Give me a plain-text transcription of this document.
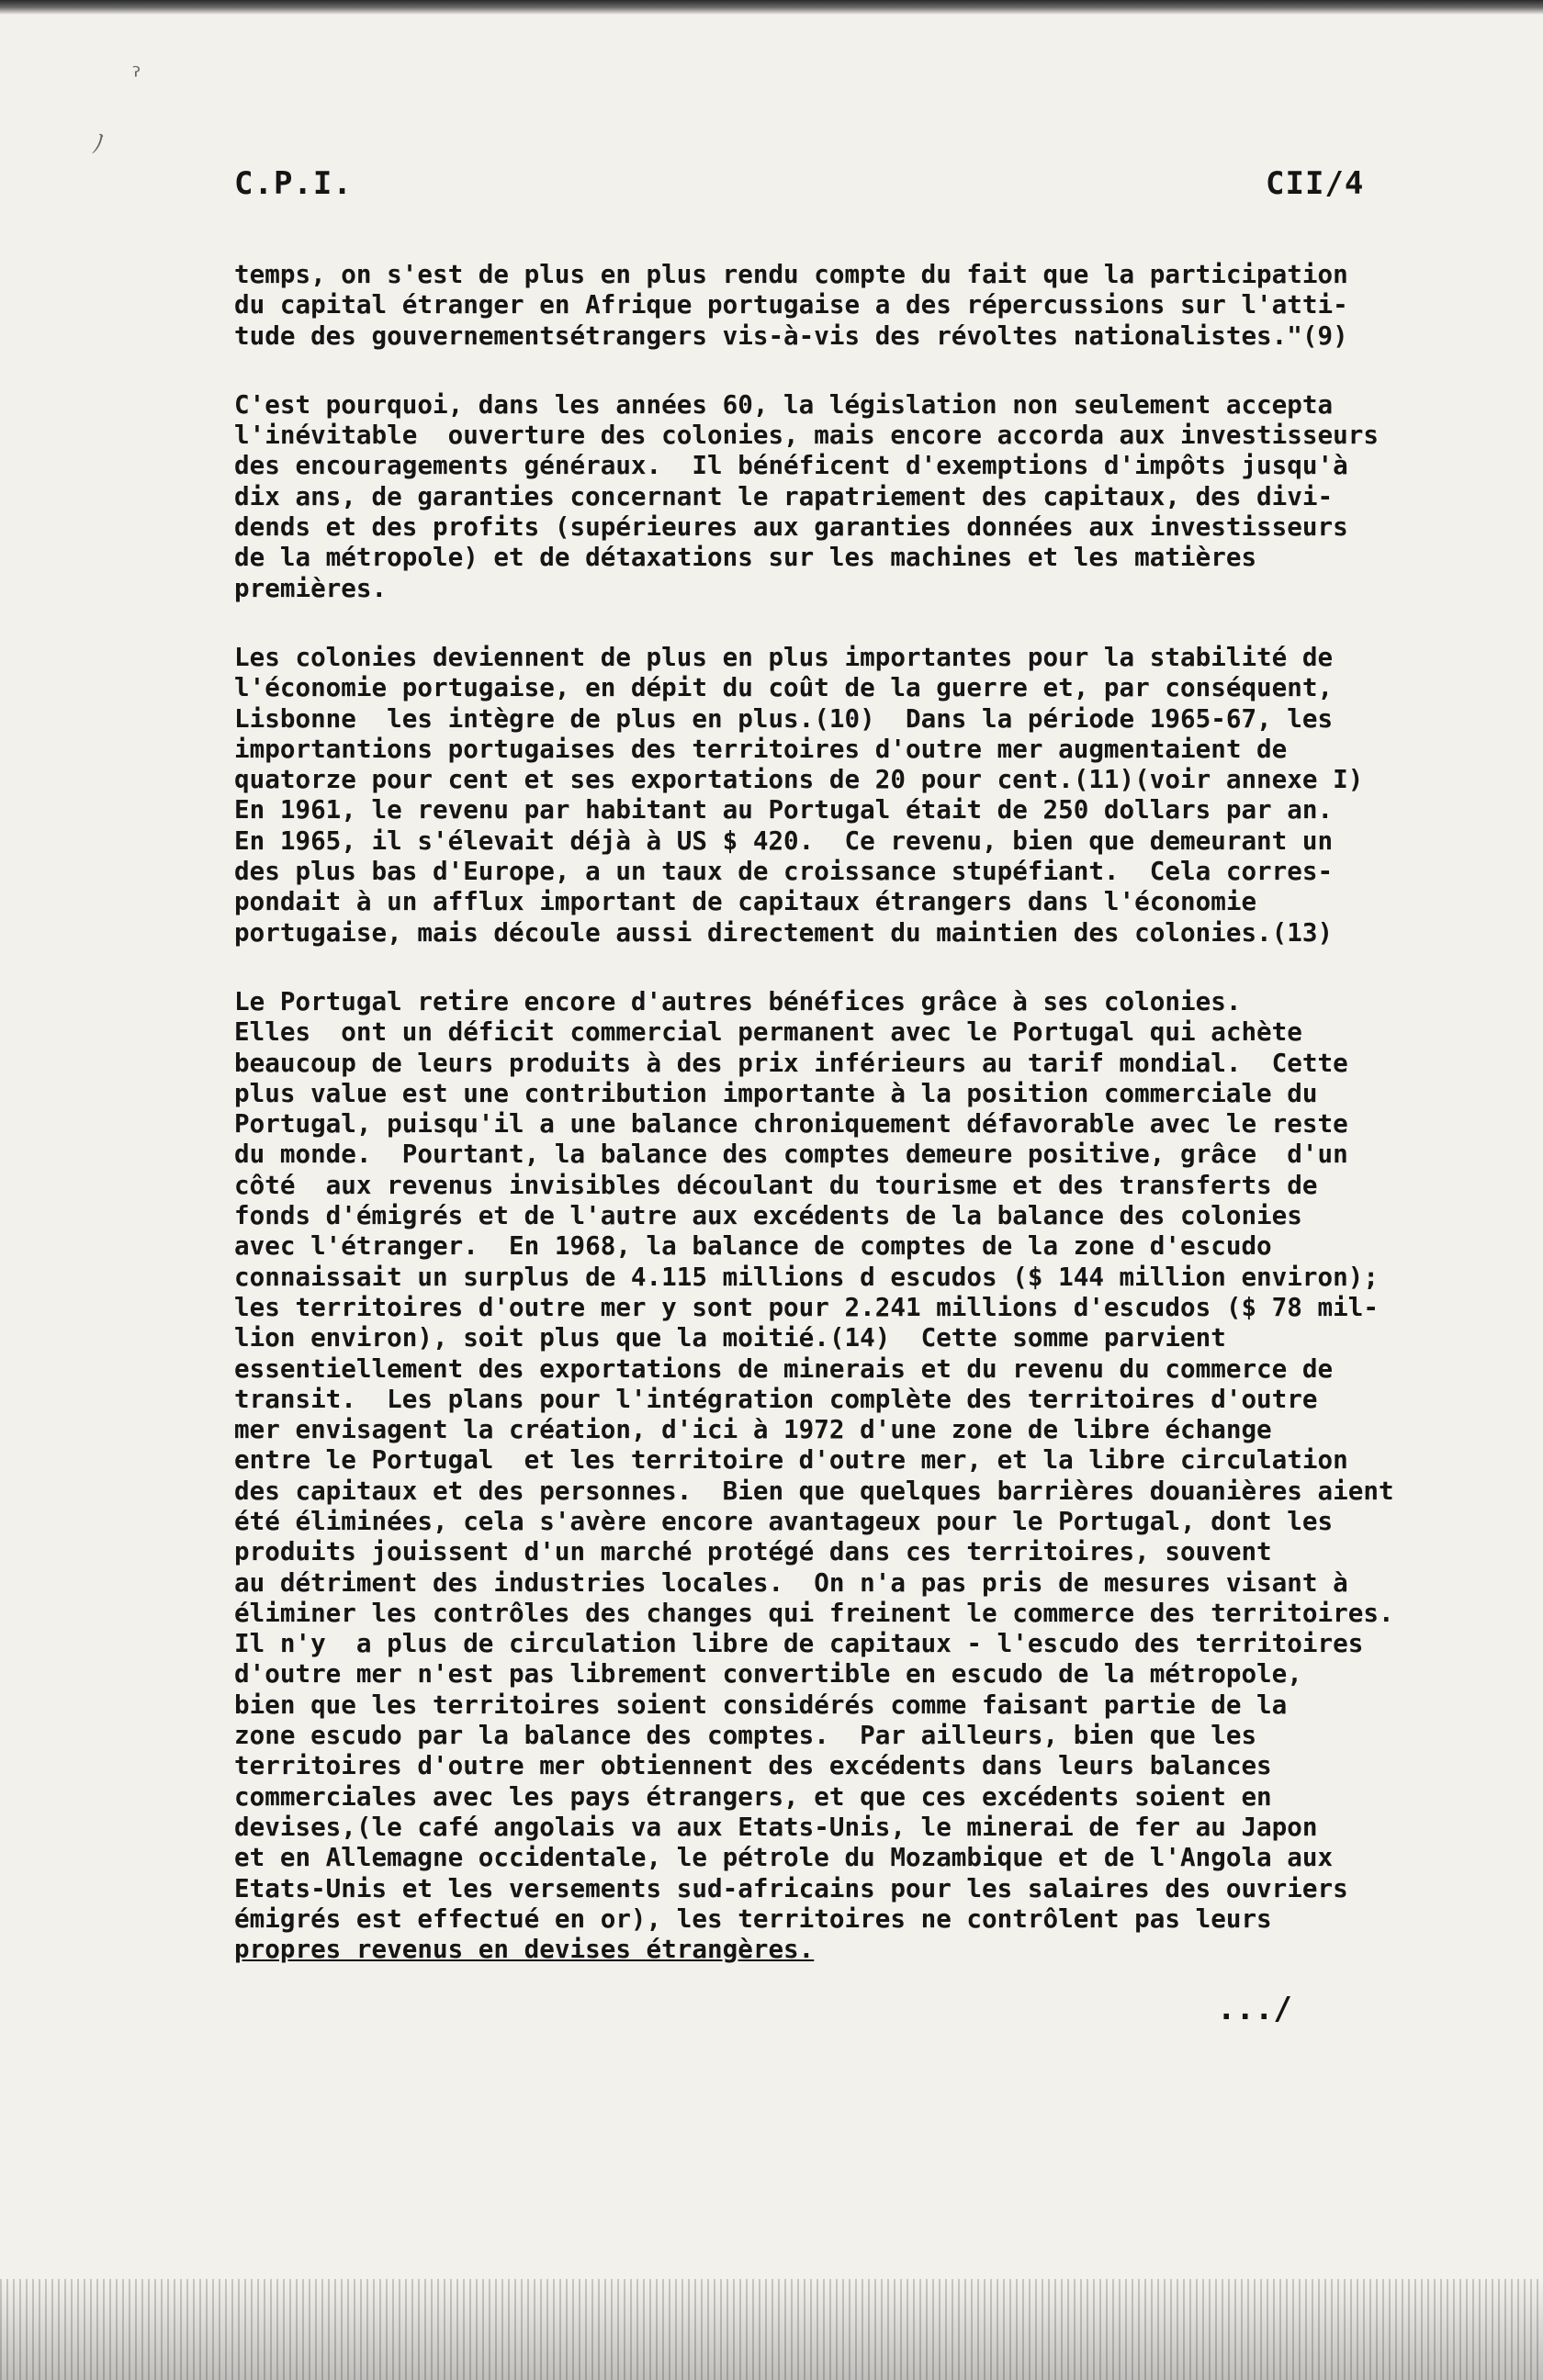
ˀ
ﾉ
C.P.I.	CII/4
temps, on s'est de plus en plus rendu compte du fait que la participation
du capital étranger en Afrique portugaise a des répercussions sur l'atti-
tude des gouvernementsétrangers vis-à-vis des révoltes nationalistes."(9)
C'est pourquoi, dans les années 60, la législation non seulement accepta
l'inévitable  ouverture des colonies, mais encore accorda aux investisseurs
des encouragements généraux.  Il bénéficent d'exemptions d'impôts jusqu'à
dix ans, de garanties concernant le rapatriement des capitaux, des divi-
dends et des profits (supérieures aux garanties données aux investisseurs
de la métropole) et de détaxations sur les machines et les matières
premières.
Les colonies deviennent de plus en plus importantes pour la stabilité de
l'économie portugaise, en dépit du coût de la guerre et, par conséquent,
Lisbonne  les intègre de plus en plus.(10)  Dans la période 1965-67, les
importantions portugaises des territoires d'outre mer augmentaient de
quatorze pour cent et ses exportations de 20 pour cent.(11)(voir annexe I)
En 1961, le revenu par habitant au Portugal était de 250 dollars par an.
En 1965, il s'élevait déjà à US $ 420.  Ce revenu, bien que demeurant un
des plus bas d'Europe, a un taux de croissance stupéfiant.  Cela corres-
pondait à un afflux important de capitaux étrangers dans l'économie
portugaise, mais découle aussi directement du maintien des colonies.(13)
Le Portugal retire encore d'autres bénéfices grâce à ses colonies.
Elles  ont un déficit commercial permanent avec le Portugal qui achète
beaucoup de leurs produits à des prix inférieurs au tarif mondial.  Cette
plus value est une contribution importante à la position commerciale du
Portugal, puisqu'il a une balance chroniquement défavorable avec le reste
du monde.  Pourtant, la balance des comptes demeure positive, grâce  d'un
côté  aux revenus invisibles découlant du tourisme et des transferts de
fonds d'émigrés et de l'autre aux excédents de la balance des colonies
avec l'étranger.  En 1968, la balance de comptes de la zone d'escudo
connaissait un surplus de 4.115 millions d escudos ($ 144 million environ);
les territoires d'outre mer y sont pour 2.241 millions d'escudos ($ 78 mil-
lion environ), soit plus que la moitié.(14)  Cette somme parvient
essentiellement des exportations de minerais et du revenu du commerce de
transit.  Les plans pour l'intégration complète des territoires d'outre
mer envisagent la création, d'ici à 1972 d'une zone de libre échange
entre le Portugal  et les territoire d'outre mer, et la libre circulation
des capitaux et des personnes.  Bien que quelques barrières douanières aient
été éliminées, cela s'avère encore avantageux pour le Portugal, dont les
produits jouissent d'un marché protégé dans ces territoires, souvent
au détriment des industries locales.  On n'a pas pris de mesures visant à
éliminer les contrôles des changes qui freinent le commerce des territoires.
Il n'y  a plus de circulation libre de capitaux - l'escudo des territoires
d'outre mer n'est pas librement convertible en escudo de la métropole,
bien que les territoires soient considérés comme faisant partie de la
zone escudo par la balance des comptes.  Par ailleurs, bien que les
territoires d'outre mer obtiennent des excédents dans leurs balances
commerciales avec les pays étrangers, et que ces excédents soient en
devises,(le café angolais va aux Etats-Unis, le minerai de fer au Japon
et en Allemagne occidentale, le pétrole du Mozambique et de l'Angola aux
Etats-Unis et les versements sud-africains pour les salaires des ouvriers
émigrés est effectué en or), les territoires ne contrôlent pas leurs
propres revenus en devises étrangères.
.../
